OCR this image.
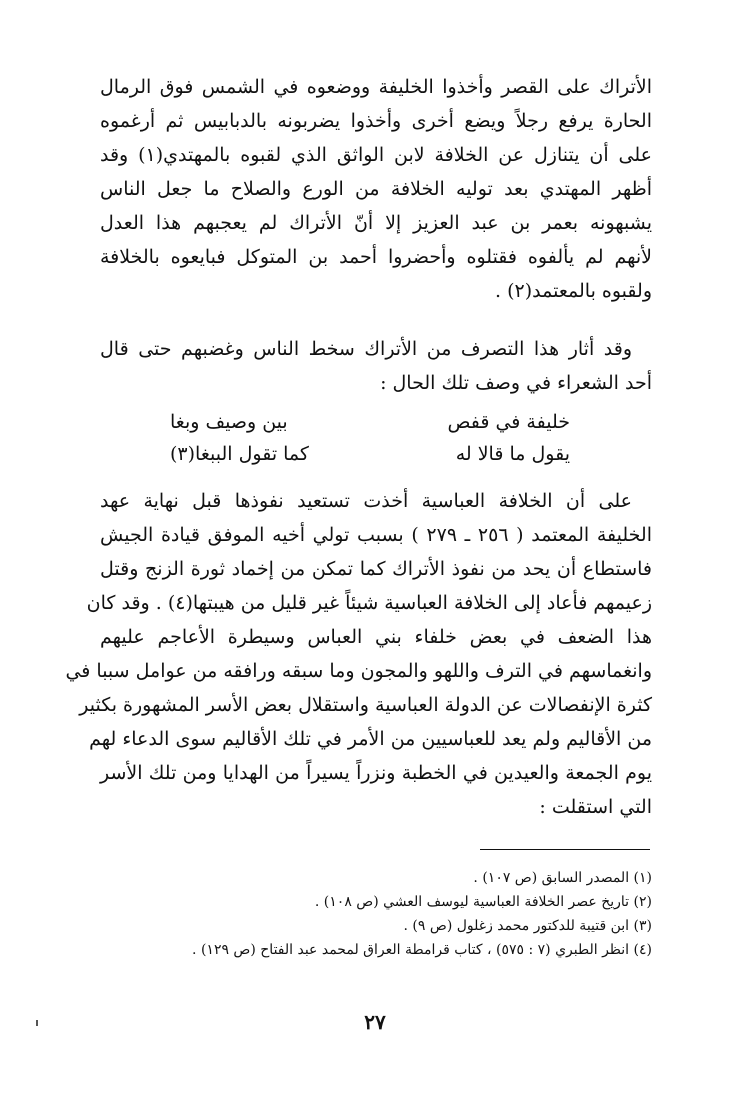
الأتراك على القصر وأخذوا الخليفة ووضعوه في الشمس فوق الرمال
الحارة يرفع رجلاً ويضع أخرى وأخذوا يضربونه بالدبابيس ثم أرغموه
على أن يتنازل عن الخلافة لابن الواثق الذي لقبوه بالمهتدي(١) وقد
أظهر المهتدي بعد توليه الخلافة من الورع والصلاح ما جعل الناس
يشبهونه بعمر بن عبد العزيز إلا أنّ الأتراك لم يعجبهم هذا العدل
لأنهم لم يألفوه فقتلوه وأحضروا أحمد بن المتوكل فبايعوه بالخلافة
ولقبوه بالمعتمد(٢) .
وقد أثار هذا التصرف من الأتراك سخط الناس وغضبهم حتى قال
أحد الشعراء في وصف تلك الحال :
خليفة في قفص
بين وصيف وبغا
يقول ما قالا له
كما تقول الببغا(٣)
على أن الخلافة العباسية أخذت تستعيد نفوذها قبل نهاية عهد
الخليفة المعتمد ( ٢٥٦ ـ ٢٧٩ ) بسبب تولي أخيه الموفق قيادة الجيش
فاستطاع أن يحد من نفوذ الأتراك كما تمكن من إخماد ثورة الزنج وقتل
زعيمهم فأعاد إلى الخلافة العباسية شيئاً غير قليل من هيبتها(٤) . وقد كان
هذا الضعف في بعض خلفاء بني العباس وسيطرة الأعاجم عليهم
وانغماسهم في الترف واللهو والمجون وما سبقه ورافقه من عوامل سببا في
كثرة الإنفصالات عن الدولة العباسية واستقلال بعض الأسر المشهورة بكثير
من الأقاليم ولم يعد للعباسيين من الأمر في تلك الأقاليم سوى الدعاء لهم
يوم الجمعة والعيدين في الخطبة ونزراً يسيراً من الهدايا ومن تلك الأسر
التي استقلت :
(١) المصدر السابق (ص ١٠٧) .
(٢) تاريخ عصر الخلافة العباسية ليوسف العشي (ص ١٠٨) .
(٣) ابن قتيبة للدكتور محمد زغلول (ص ٩) .
(٤) انظر الطبري (٧ : ٥٧٥) ، كتاب قرامطة العراق لمحمد عبد الفتاح (ص ١٢٩) .
٢٧
